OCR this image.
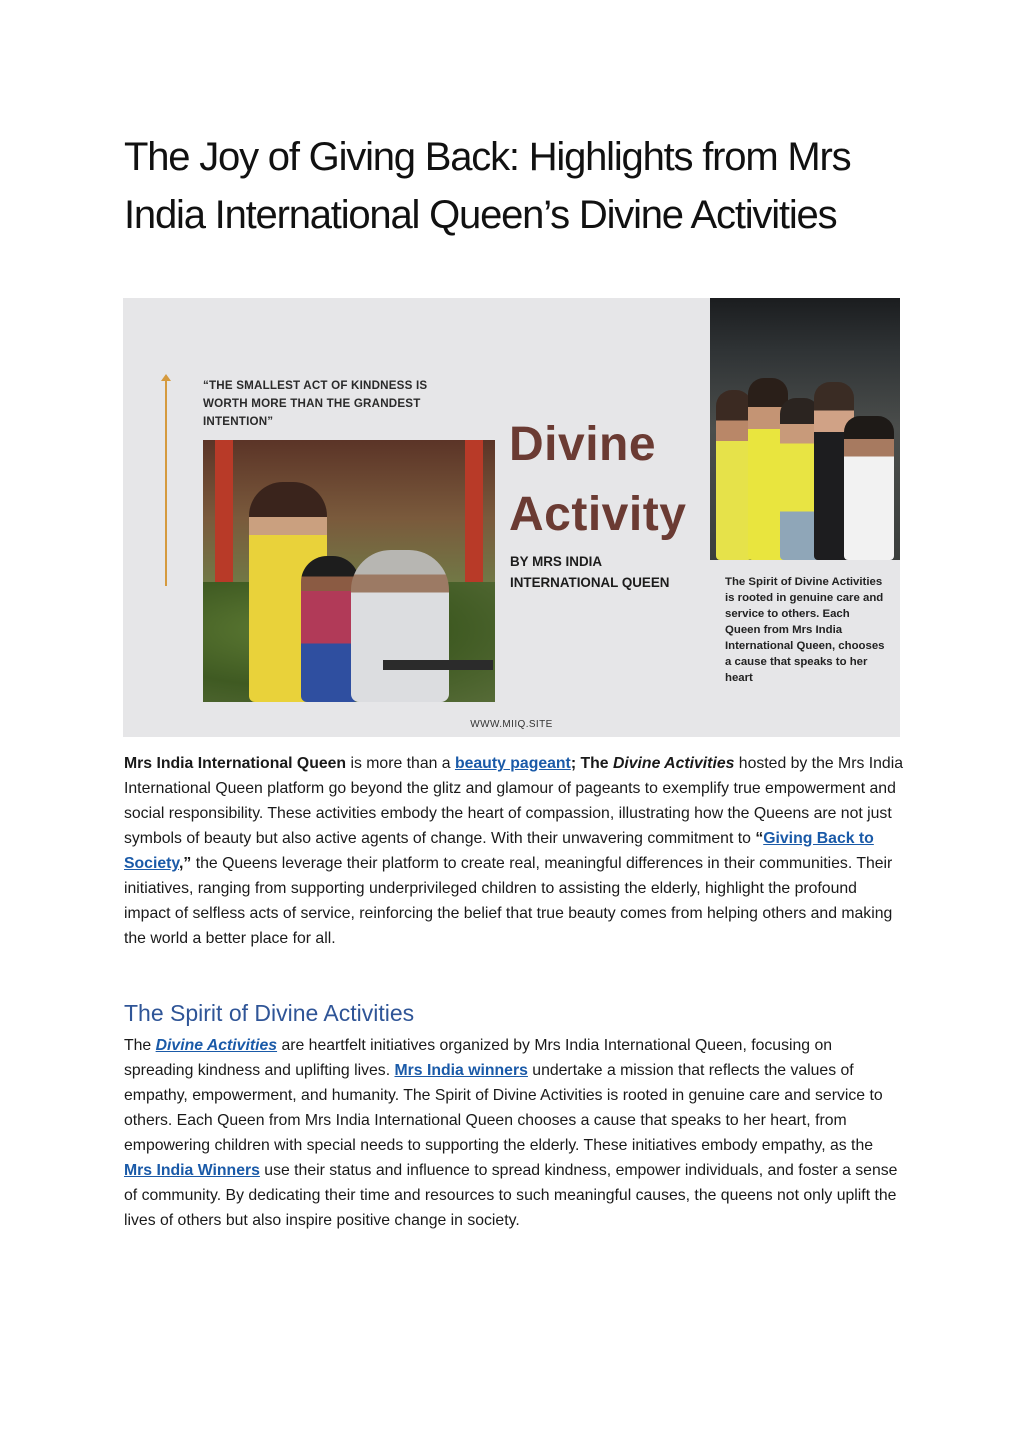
The Joy of Giving Back: Highlights from Mrs India International Queen’s Divine Activities
“THE SMALLEST ACT OF KINDNESS IS WORTH MORE THAN THE GRANDEST INTENTION”	Divine
Activity
BY MRS INDIA
INTERNATIONAL QUEEN	The Spirit of Divine Activities is rooted in genuine care and service to others. Each Queen from Mrs India International Queen, chooses a cause that speaks to her heart
WWW.MIIQ.SITE

Mrs India International Queen is more than a beauty pageant; The Divine Activities hosted by the Mrs India International Queen platform go beyond the glitz and glamour of pageants to exemplify true empowerment and social responsibility. These activities embody the heart of compassion, illustrating how the Queens are not just symbols of beauty but also active agents of change. With their unwavering commitment to “Giving Back to Society,” the Queens leverage their platform to create real, meaningful differences in their communities. Their initiatives, ranging from supporting underprivileged children to assisting the elderly, highlight the profound impact of selfless acts of service, reinforcing the belief that true beauty comes from helping others and making the world a better place for all.

The Spirit of Divine Activities

The Divine Activities are heartfelt initiatives organized by Mrs India International Queen, focusing on spreading kindness and uplifting lives. Mrs India winners undertake a mission that reflects the values of empathy, empowerment, and humanity. The Spirit of Divine Activities is rooted in genuine care and service to others. Each Queen from Mrs India International Queen chooses a cause that speaks to her heart, from empowering children with special needs to supporting the elderly. These initiatives embody empathy, as the Mrs India Winners use their status and influence to spread kindness, empower individuals, and foster a sense of community. By dedicating their time and resources to such meaningful causes, the queens not only uplift the lives of others but also inspire positive change in society.
